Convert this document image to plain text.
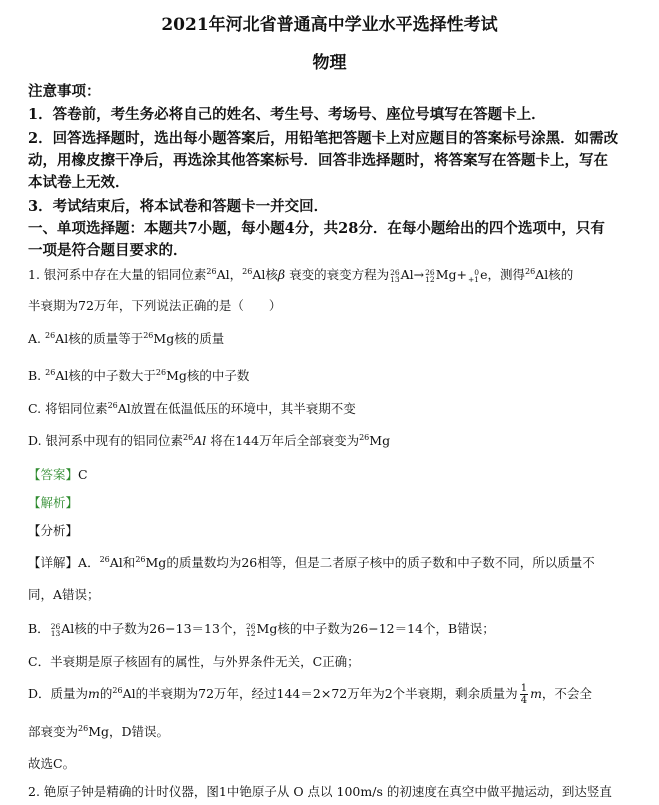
2021年河北省普通高中学业水平选择性考试
物理
注意事项：
1．答卷前，考生务必将自己的姓名、考生号、考场号、座位号填写在答题卡上．
2．回答选择题时，选出每小题答案后，用铅笔把答题卡上对应题目的答案标号涂黑．如需改
动，用橡皮擦干净后，再选涂其他答案标号．回答非选择题时，将答案写在答题卡上，写在
本试卷上无效．
3．考试结束后，将本试卷和答题卡一并交回．
一、单项选择题：本题共7小题，每小题4分，共28分．在每小题给出的四个选项中，只有
一项是符合题目要求的．
1. 银河系中存在大量的铝同位素$^{26}$Al，$^{26}$Al核β 衰变的衰变方程为26
13Al→26
12Mg+ 0
+1e，测得$^{26}$Al核的
半衰期为72万年，下列说法正确的是（　　）
A. $^{26}$Al核的质量等于$^{26}$Mg核的质量
B. $^{26}$Al核的中子数大于$^{26}$Mg核的中子数
C. 将铝同位素$^{26}$Al放置在低温低压的环境中，其半衰期不变
D. 银河系中现有的铝同位素$^{26}$Al 将在144万年后全部衰变为$^{26}$Mg
【答案】C
【解析】
【分析】
【详解】A．$^{26}$Al和$^{26}$Mg的质量数均为26相等，但是二者原子核中的质子数和中子数不同，所以质量不
同，A错误；
B．26
13Al核的中子数为26−13＝13个，26
12Mg核的中子数为26−12＝14个，B错误；
C．半衰期是原子核固有的属性，与外界条件无关，C正确；
D．质量为m的$^{26}$Al的半衰期为72万年，经过144＝2×72万年为2个半衰期，剩余质量为 $\frac{1}{4}$ m，不会全
部衰变为$^{26}$Mg，D错误。
故选C。
2. 铯原子钟是精确的计时仪器，图1中铯原子从 O 点以 100m/s 的初速度在真空中做平抛运动，到达竖直
